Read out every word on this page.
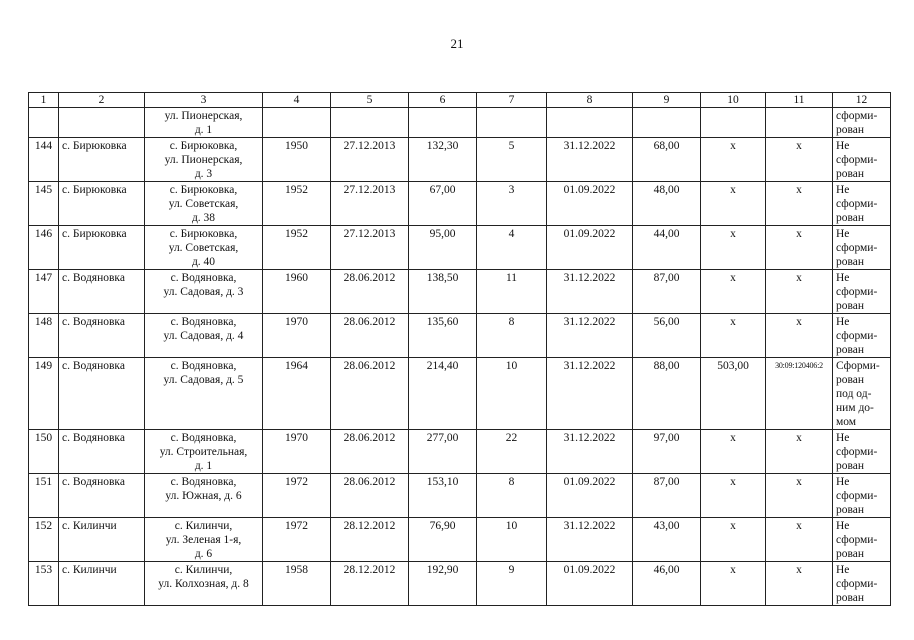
21
1	2	3	4	5	6	7	8	9	10	11	12

		ул. Пионерская,
д. 1									сформи-
рован

144	с. Бирюковка	с. Бирюковка,
ул. Пионерская,
д. 3	1950	27.12.2013	132,30	5	31.12.2022	68,00	x	x	Не
сформи-
рован

145	с. Бирюковка	с. Бирюковка,
ул. Советская,
д. 38	1952	27.12.2013	67,00	3	01.09.2022	48,00	x	x	Не
сформи-
рован

146	с. Бирюковка	с. Бирюковка,
ул. Советская,
д. 40	1952	27.12.2013	95,00	4	01.09.2022	44,00	x	x	Не
сформи-
рован

147	с. Водяновка	с. Водяновка,
ул. Садовая, д. 3	1960	28.06.2012	138,50	11	31.12.2022	87,00	x	x	Не
сформи-
рован

148	с. Водяновка	с. Водяновка,
ул. Садовая, д. 4	1970	28.06.2012	135,60	8	31.12.2022	56,00	x	x	Не
сформи-
рован

149	с. Водяновка	с. Водяновка,
ул. Садовая, д. 5	1964	28.06.2012	214,40	10	31.12.2022	88,00	503,00	30:09:120406:2	Сформи-
рован
под од-
ним до-
мом

150	с. Водяновка	с. Водяновка,
ул. Строительная,
д. 1	1970	28.06.2012	277,00	22	31.12.2022	97,00	x	x	Не
сформи-
рован

151	с. Водяновка	с. Водяновка,
ул. Южная, д. 6	1972	28.06.2012	153,10	8	01.09.2022	87,00	x	x	Не
сформи-
рован

152	с. Килинчи	с. Килинчи,
ул. Зеленая 1-я,
д. 6	1972	28.12.2012	76,90	10	31.12.2022	43,00	x	x	Не
сформи-
рован

153	с. Килинчи	с. Килинчи,
ул. Колхозная, д. 8	1958	28.12.2012	192,90	9	01.09.2022	46,00	x	x	Не
сформи-
рован
